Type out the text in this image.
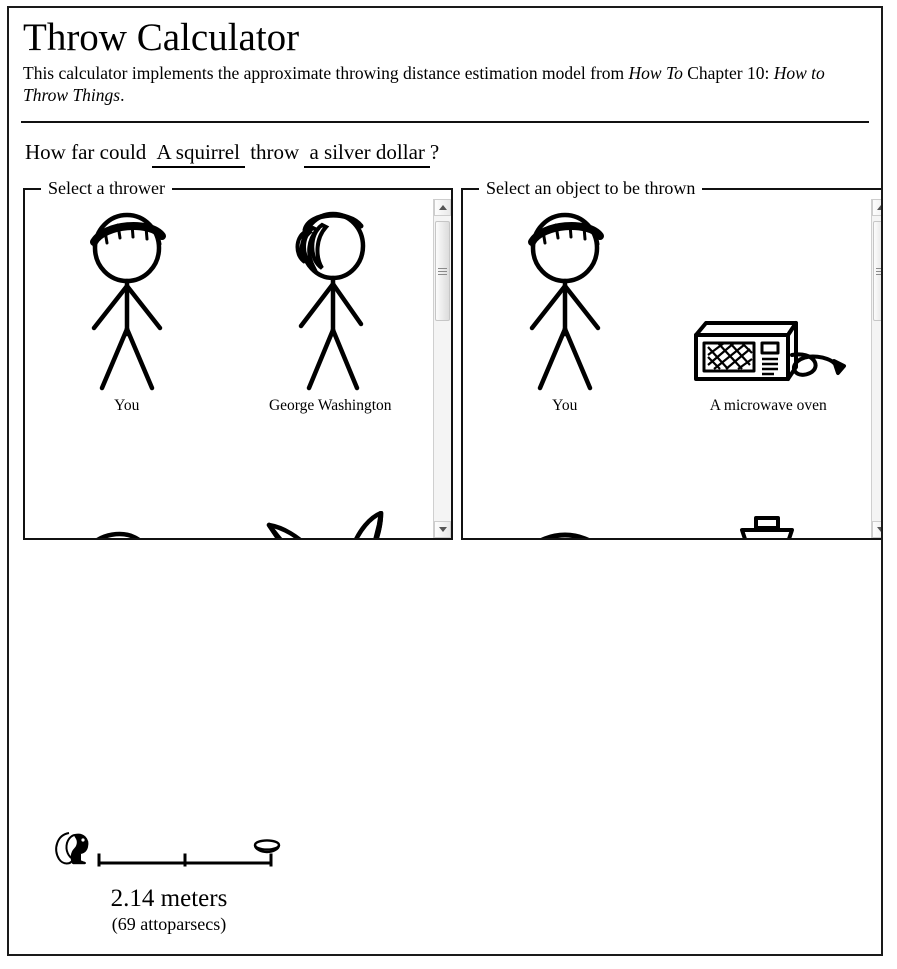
Throw Calculator

This calculator implements the approximate throwing distance estimation model from How To Chapter 10: How to Throw Things.

How far could A squirrel throw a silver dollar ?
Select a thrower
You	George Washington
Select an object to be thrown
You	A microwave oven
2.14 meters
(69 attoparsecs)
